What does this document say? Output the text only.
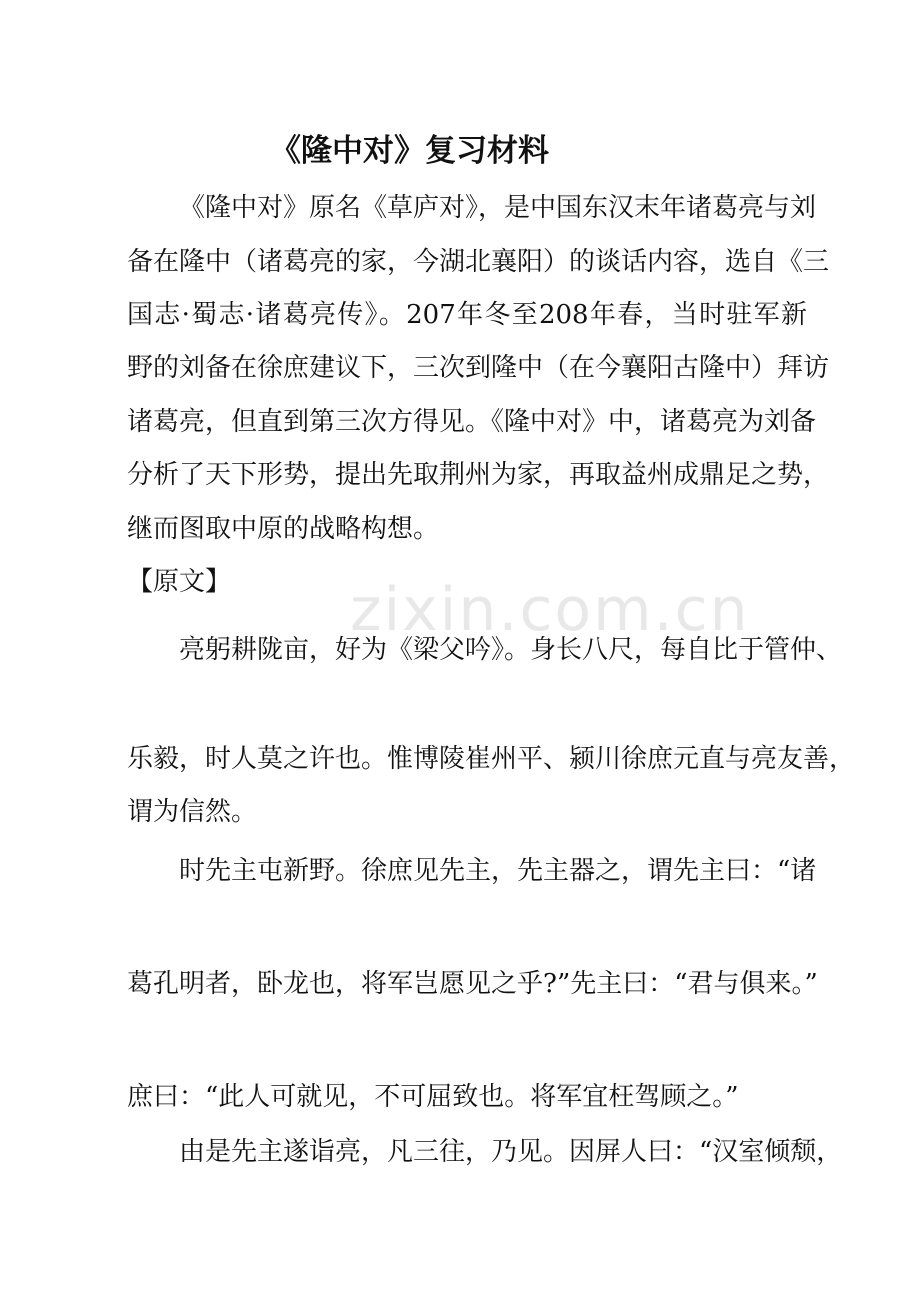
《隆中对》复习材料
《隆中对》原名《草庐对》，是中国东汉末年诸葛亮与刘
备在隆中（诸葛亮的家，今湖北襄阳）的谈话内容，选自《三
国志·蜀志·诸葛亮传》。207年冬至208年春，当时驻军新
野的刘备在徐庶建议下，三次到隆中（在今襄阳古隆中）拜访
诸葛亮，但直到第三次方得见。《隆中对》中，诸葛亮为刘备
分析了天下形势，提出先取荆州为家，再取益州成鼎足之势，
继而图取中原的战略构想。
【原文】
亮躬耕陇亩，好为《梁父吟》。身长八尺，每自比于管仲、
乐毅，时人莫之许也。惟博陵崔州平、颍川徐庶元直与亮友善，
谓为信然。
时先主屯新野。徐庶见先主，先主器之，谓先主曰：“诸
葛孔明者，卧龙也，将军岂愿见之乎?”先主曰：“君与俱来。”
庶曰：“此人可就见，不可屈致也。将军宜枉驾顾之。”
由是先主遂诣亮，凡三往，乃见。因屏人曰：“汉室倾颓，
zixin.com.cn
